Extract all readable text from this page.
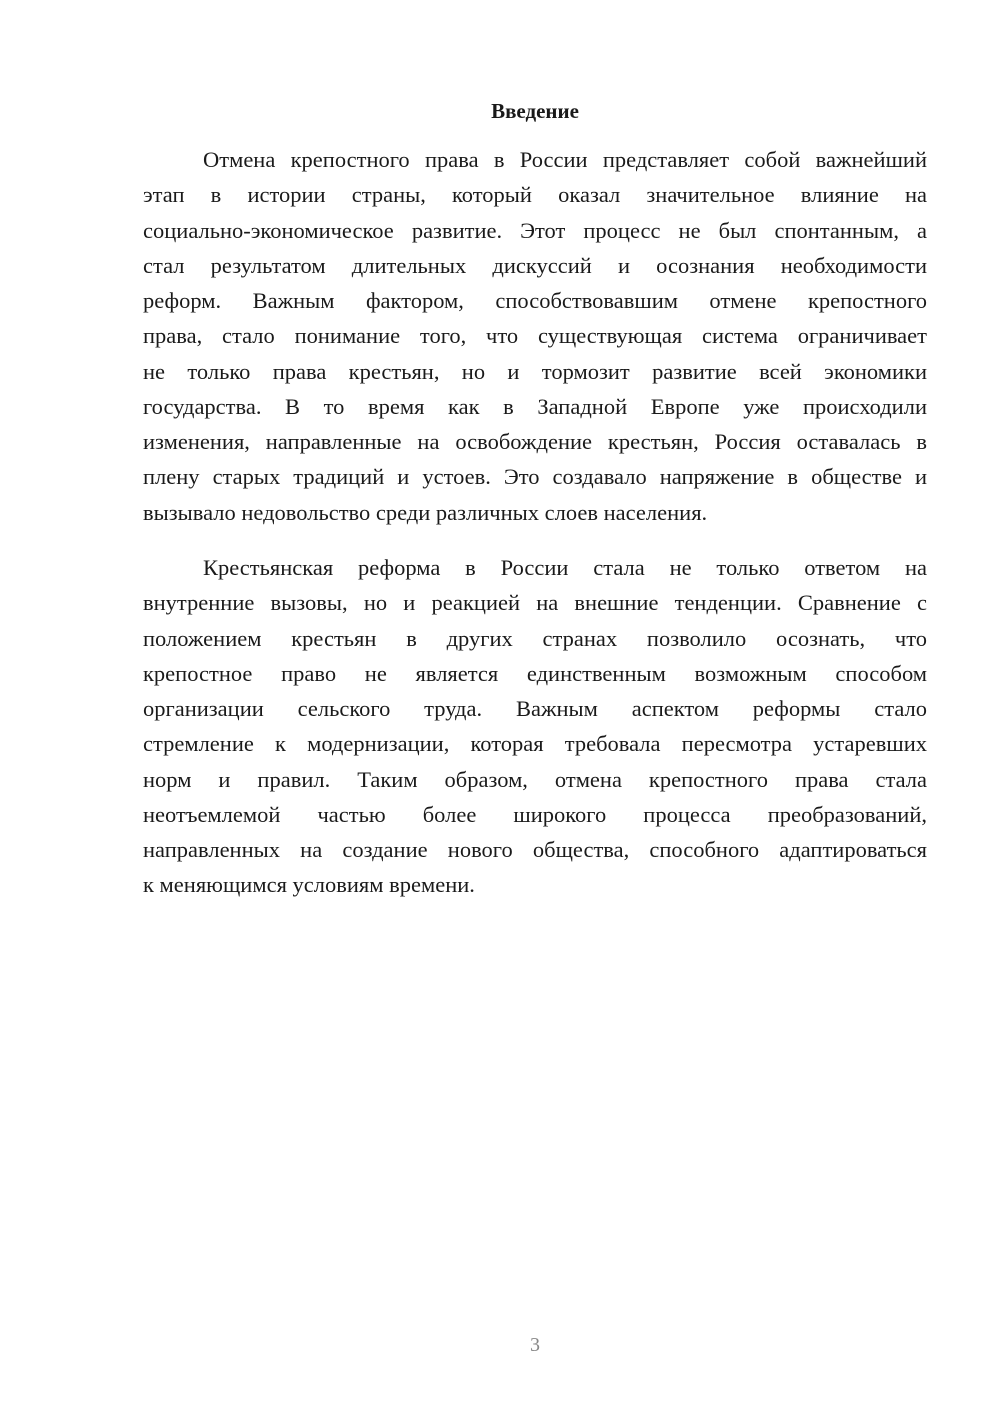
Введение
Отмена крепостного права в России представляет собой важнейший
этап в истории страны, который оказал значительное влияние на
социально-экономическое развитие. Этот процесс не был спонтанным, а
стал результатом длительных дискуссий и осознания необходимости
реформ. Важным фактором, способствовавшим отмене крепостного
права, стало понимание того, что существующая система ограничивает
не только права крестьян, но и тормозит развитие всей экономики
государства. В то время как в Западной Европе уже происходили
изменения, направленные на освобождение крестьян, Россия оставалась в
плену старых традиций и устоев. Это создавало напряжение в обществе и
вызывало недовольство среди различных слоев населения.
Крестьянская реформа в России стала не только ответом на
внутренние вызовы, но и реакцией на внешние тенденции. Сравнение с
положением крестьян в других странах позволило осознать, что
крепостное право не является единственным возможным способом
организации сельского труда. Важным аспектом реформы стало
стремление к модернизации, которая требовала пересмотра устаревших
норм и правил. Таким образом, отмена крепостного права стала
неотъемлемой частью более широкого процесса преобразований,
направленных на создание нового общества, способного адаптироваться
к меняющимся условиям времени.
3
